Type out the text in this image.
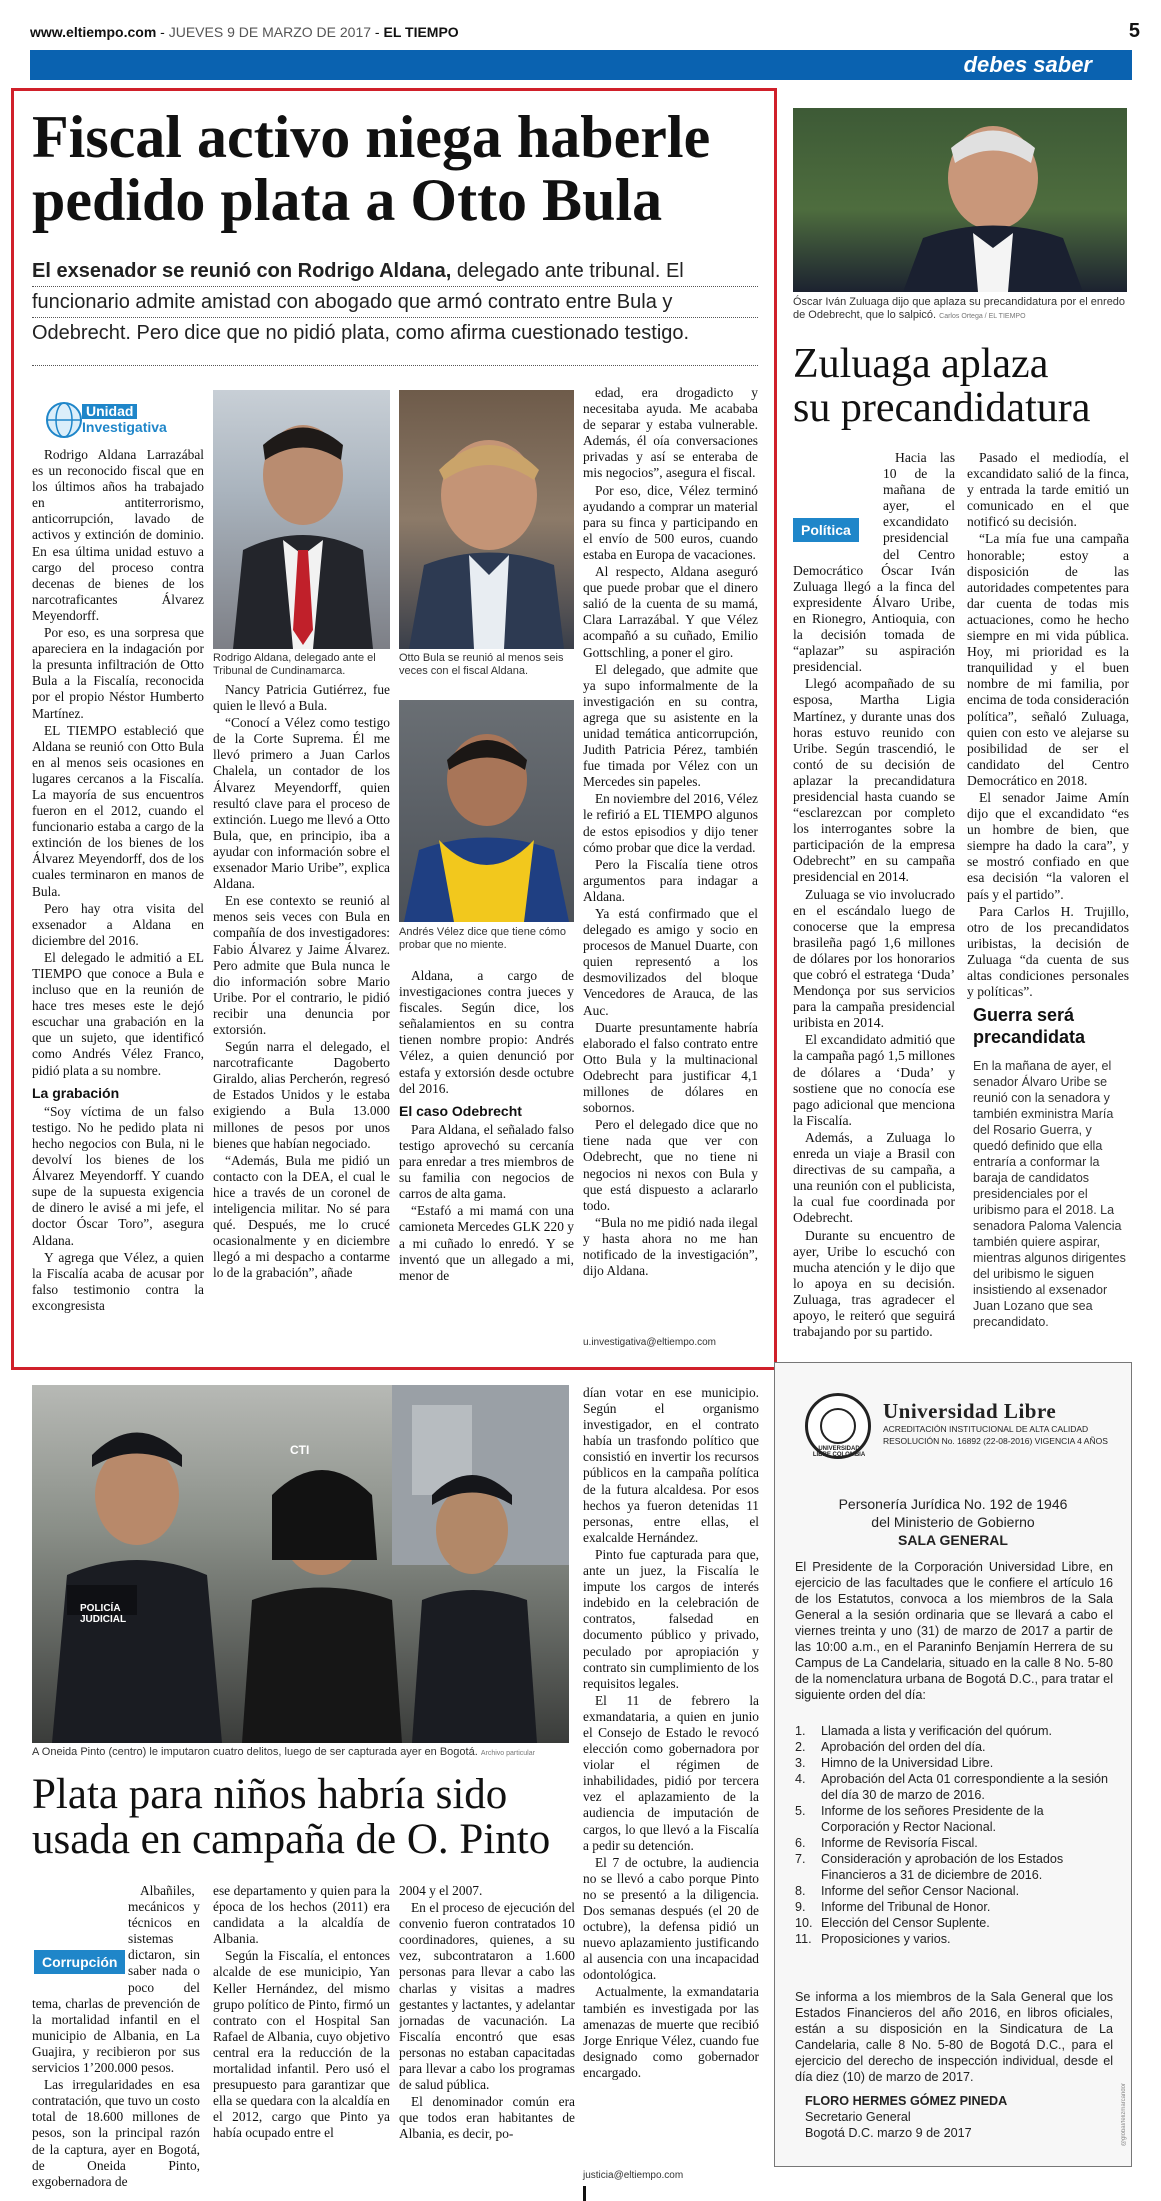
www.eltiempo.com - JUEVES 9 DE MARZO DE 2017 - EL TIEMPO	5
debes saber
Fiscal activo niega haberle
pedido plata a Otto Bula
El exsenador se reunió con Rodrigo Aldana, delegado ante tribunal. El funcionario admite amistad con abogado que armó contrato entre Bula y Odebrecht. Pero dice que no pidió plata, como afirma cuestionado testigo.
Unidad
Investigativa

Rodrigo Aldana Larrazábal es un reconocido fiscal que en los últimos años ha trabajado en antiterrorismo, anticorrupción, lavado de activos y extinción de dominio. En esa última unidad estuvo a cargo del proceso contra decenas de bienes de los narcotraficantes Álvarez Meyendorff.

Por eso, es una sorpresa que apareciera en la indagación por la presunta infiltración de Otto Bula a la Fiscalía, reconocida por el propio Néstor Humberto Martínez.

EL TIEMPO estableció que Aldana se reunió con Otto Bula en al menos seis ocasiones en lugares cercanos a la Fiscalía. La mayoría de sus encuentros fueron en el 2012, cuando el funcionario estaba a cargo de la extinción de los bienes de los Álvarez Meyendorff, dos de los cuales terminaron en manos de Bula.

Pero hay otra visita del exsenador a Aldana en diciembre del 2016.

El delegado le admitió a EL TIEMPO que conoce a Bula e incluso que en la reunión de hace tres meses este le dejó escuchar una grabación en la que un sujeto, que identificó como Andrés Vélez Franco, pidió plata a su nombre.

La grabación

“Soy víctima de un falso testigo. No he pedido plata ni hecho negocios con Bula, ni le devolví los bienes de los Álvarez Meyendorff. Y cuando supe de la supuesta exigencia de dinero le avisé a mi jefe, el doctor Óscar Toro”, asegura Aldana.

Y agrega que Vélez, a quien la Fiscalía acaba de acusar por falso testimonio contra la excongresista

Rodrigo Aldana, delegado ante el Tribunal de Cundinamarca.
Otto Bula se reunió al menos seis veces con el fiscal Aldana.

Nancy Patricia Gutiérrez, fue quien le llevó a Bula.

“Conocí a Vélez como testigo de la Corte Suprema. Él me llevó primero a Juan Carlos Chalela, un contador de los Álvarez Meyendorff, quien resultó clave para el proceso de extinción. Luego me llevó a Otto Bula, que, en principio, iba a ayudar con información sobre el exsenador Mario Uribe”, explica Aldana.

En ese contexto se reunió al menos seis veces con Bula en compañía de dos investigadores: Fabio Álvarez y Jaime Álvarez. Pero admite que Bula nunca le dio información sobre Mario Uribe. Por el contrario, le pidió recibir una denuncia por extorsión.

Según narra el delegado, el narcotraficante Dagoberto Giraldo, alias Percherón, regresó de Estados Unidos y le estaba exigiendo a Bula 13.000 millones de pesos por unos bienes que habían negociado.

“Además, Bula me pidió un contacto con la DEA, el cual le hice a través de un coronel de inteligencia militar. No sé para qué. Después, me lo crucé ocasionalmente y en diciembre llegó a mi despacho a contarme lo de la grabación”, añade

Andrés Vélez dice que tiene cómo probar que no miente.

Aldana, a cargo de investigaciones contra jueces y fiscales. Según dice, los señalamientos en su contra tienen nombre propio: Andrés Vélez, a quien denunció por estafa y extorsión desde octubre del 2016.

El caso Odebrecht

Para Aldana, el señalado falso testigo aprovechó su cercanía para enredar a tres miembros de su familia con negocios de carros de alta gama.

“Estafó a mi mamá con una camioneta Mercedes GLK 220 y a mi cuñado lo enredó. Y se inventó que un allegado a mi, menor de

edad, era drogadicto y necesitaba ayuda. Me acababa de separar y estaba vulnerable. Además, él oía conversaciones privadas y así se enteraba de mis negocios”, asegura el fiscal.

Por eso, dice, Vélez terminó ayudando a comprar un material para su finca y participando en el envío de 500 euros, cuando estaba en Europa de vacaciones.

Al respecto, Aldana aseguró que puede probar que el dinero salió de la cuenta de su mamá, Clara Larrazábal. Y que Vélez acompañó a su cuñado, Emilio Gottschling, a poner el giro.

El delegado, que admite que ya supo informalmente de la investigación en su contra, agrega que su asistente en la unidad temática anticorrupción, Judith Patricia Pérez, también fue timada por Vélez con un Mercedes sin papeles.

En noviembre del 2016, Vélez le refirió a EL TIEMPO algunos de estos episodios y dijo tener cómo probar que dice la verdad.

Pero la Fiscalía tiene otros argumentos para indagar a Aldana.

Ya está confirmado que el delegado es amigo y socio en procesos de Manuel Duarte, con quien representó a los desmovilizados del bloque Vencedores de Arauca, de las Auc.

Duarte presuntamente habría elaborado el falso contrato entre Otto Bula y la multinacional Odebrecht para justificar 4,1 millones de dólares en sobornos.

Pero el delegado dice que no tiene nada que ver con Odebrecht, que no tiene ni negocios ni nexos con Bula y que está dispuesto a aclararlo todo.

“Bula no me pidió nada ilegal y hasta ahora no me han notificado de la investigación”, dijo Aldana.

u.investigativa@eltiempo.com
Óscar Iván Zuluaga dijo que aplaza su precandidatura por el enredo de Odebrecht, que lo salpicó. Carlos Ortega / EL TIEMPO
Zuluaga aplaza
su precandidatura
Política

Hacia las 10 de la mañana de ayer, el excandidato presidencial del Centro Democrático Óscar Iván Zuluaga llegó a la finca del expresidente Álvaro Uribe, en Rionegro, Antioquia, con la decisión tomada de “aplazar” su aspiración presidencial.

Llegó acompañado de su esposa, Martha Ligia Martínez, y durante unas dos horas estuvo reunido con Uribe. Según trascendió, le contó de su decisión de aplazar la precandidatura presidencial hasta cuando se “esclarezcan por completo los interrogantes sobre la participación de la empresa Odebrecht” en su campaña presidencial en 2014.

Zuluaga se vio involucrado en el escándalo luego de conocerse que la empresa brasileña pagó 1,6 millones de dólares por los honorarios que cobró el estratega ‘Duda’ Mendonça por sus servicios para la campaña presidencial uribista en 2014.

El excandidato admitió que la campaña pagó 1,5 millones de dólares a ‘Duda’ y sostiene que no conocía ese pago adicional que menciona la Fiscalía.

Además, a Zuluaga lo enreda un viaje a Brasil con directivas de su campaña, a una reunión con el publicista, la cual fue coordinada por Odebrecht.

Durante su encuentro de ayer, Uribe lo escuchó con mucha atención y le dijo que lo apoya en su decisión. Zuluaga, tras agradecer el apoyo, le reiteró que seguirá trabajando por su partido.

Pasado el mediodía, el excandidato salió de la finca, y entrada la tarde emitió un comunicado en el que notificó su decisión.

“La mía fue una campaña honorable; estoy a disposición de las autoridades competentes para dar cuenta de todas mis actuaciones, como he hecho siempre en mi vida pública. Hoy, mi prioridad es la tranquilidad y el buen nombre de mi familia, por encima de toda consideración política”, señaló Zuluaga, quien con esto ve alejarse su posibilidad de ser el candidato del Centro Democrático en 2018.

El senador Jaime Amín dijo que el excandidato “es un hombre de bien, que siempre ha dado la cara”, y se mostró confiado en que esa decisión “la valoren el país y el partido”.

Para Carlos H. Trujillo, otro de los precandidatos uribistas, la decisión de Zuluaga “da cuenta de sus altas condiciones personales y políticas”.

Guerra será precandidata
En la mañana de ayer, el senador Álvaro Uribe se reunió con la senadora y también exministra María del Rosario Guerra, y quedó definido que ella entraría a conformar la baraja de candidatos presidenciales por el uribismo para el 2018. La senadora Paloma Valencia también quiere aspirar, mientras algunos dirigentes del uribismo le siguen insistiendo al exsenador Juan Lozano que sea precandidato.
POLICÍA JUDICIAL
CTI
A Oneida Pinto (centro) le imputaron cuatro delitos, luego de ser capturada ayer en Bogotá. Archivo particular
Plata para niños habría sido
usada en campaña de O. Pinto
Corrupción

Albañiles, mecánicos y técnicos en sistemas dictaron, sin saber nada o poco del tema, charlas de prevención de la mortalidad infantil en el municipio de Albania, en La Guajira, y recibieron por sus servicios 1’200.000 pesos.

Las irregularidades en esa contratación, que tuvo un costo total de 18.600 millones de pesos, son la principal razón de la captura, ayer en Bogotá, de Oneida Pinto, exgobernadora de

ese departamento y quien para la época de los hechos (2011) era candidata a la alcaldía de Albania.

Según la Fiscalía, el entonces alcalde de ese municipio, Yan Keller Hernández, del mismo grupo político de Pinto, firmó un contrato con el Hospital San Rafael de Albania, cuyo objetivo central era la reducción de la mortalidad infantil. Pero usó el presupuesto para garantizar que ella se quedara con la alcaldía en el 2012, cargo que Pinto ya había ocupado entre el

2004 y el 2007.

En el proceso de ejecución del convenio fueron contratados 10 coordinadores, quienes, a su vez, subcontrataron a 1.600 personas para llevar a cabo las charlas y visitas a madres gestantes y lactantes, y adelantar jornadas de vacunación. La Fiscalía encontró que esas personas no estaban capacitadas para llevar a cabo los programas de salud pública.

El denominador común era que todos eran habitantes de Albania, es decir, po-

dían votar en ese municipio. Según el organismo investigador, en el contrato había un trasfondo político que consistió en invertir los recursos públicos en la campaña política de la futura alcaldesa. Por esos hechos ya fueron detenidas 11 personas, entre ellas, el exalcalde Hernández.

Pinto fue capturada para que, ante un juez, la Fiscalía le impute los cargos de interés indebido en la celebración de contratos, falsedad en documento público y privado, peculado por apropiación y contrato sin cumplimiento de los requisitos legales.

El 11 de febrero la exmandataria, a quien en junio el Consejo de Estado le revocó elección como gobernadora por violar el régimen de inhabilidades, pidió por tercera vez el aplazamiento de la audiencia de imputación de cargos, lo que llevó a la Fiscalía a pedir su detención.

El 7 de octubre, la audiencia no se llevó a cabo porque Pinto no se presentó a la diligencia. Dos semanas después (el 20 de octubre), la defensa pidió un nuevo aplazamiento justificando al ausencia con una incapacidad odontológica.

Actualmente, la exmandataria también es investigada por las amenazas de muerte que recibió Jorge Enrique Vélez, cuando fue designado como gobernador encargado.

justicia@eltiempo.com
UNIVERSIDAD LIBRE COLOMBIA
Universidad Libre
ACREDITACIÓN INSTITUCIONAL DE ALTA CALIDAD
RESOLUCIÓN No. 16892 (22-08-2016) VIGENCIA 4 AÑOS
Personería Jurídica No. 192 de 1946
del Ministerio de Gobierno
SALA GENERAL
El Presidente de la Corporación Universidad Libre, en ejercicio de las facultades que le confiere el artículo 16 de los Estatutos, convoca a los miembros de la Sala General a la sesión ordinaria que se llevará a cabo el viernes treinta y uno (31) de marzo de 2017 a partir de las 10:00 a.m., en el Paraninfo Benjamín Herrera de su Campus de La Candelaria, situado en la calle 8 No. 5-80 de la nomenclatura urbana de Bogotá D.C., para tratar el siguiente orden del día:
1. Llamada a lista y verificación del quórum.
2. Aprobación del orden del día.
3. Himno de la Universidad Libre.
4. Aprobación del Acta 01 correspondiente a la sesión del día 30 de marzo de 2016.
5. Informe de los señores Presidente de la Corporación y Rector Nacional.
6. Informe de Revisoría Fiscal.
7. Consideración y aprobación de los Estados Financieros a 31 de diciembre de 2016.
8. Informe del señor Censor Nacional.
9. Informe del Tribunal de Honor.
10. Elección del Censor Suplente.
11. Proposiciones y varios.
Se informa a los miembros de la Sala General que los Estados Financieros del año 2016, en libros oficiales, están a su disposición en la Sindicatura de La Candelaria, calle 8 No. 5-80 de Bogotá D.C., para el ejercicio del derecho de inspección individual, desde el día diez (10) de marzo de 2017.
FLORO HERMES GÓMEZ PINEDA
Secretario General
Bogotá D.C. marzo 9 de 2017	@global/felizmarcandor
